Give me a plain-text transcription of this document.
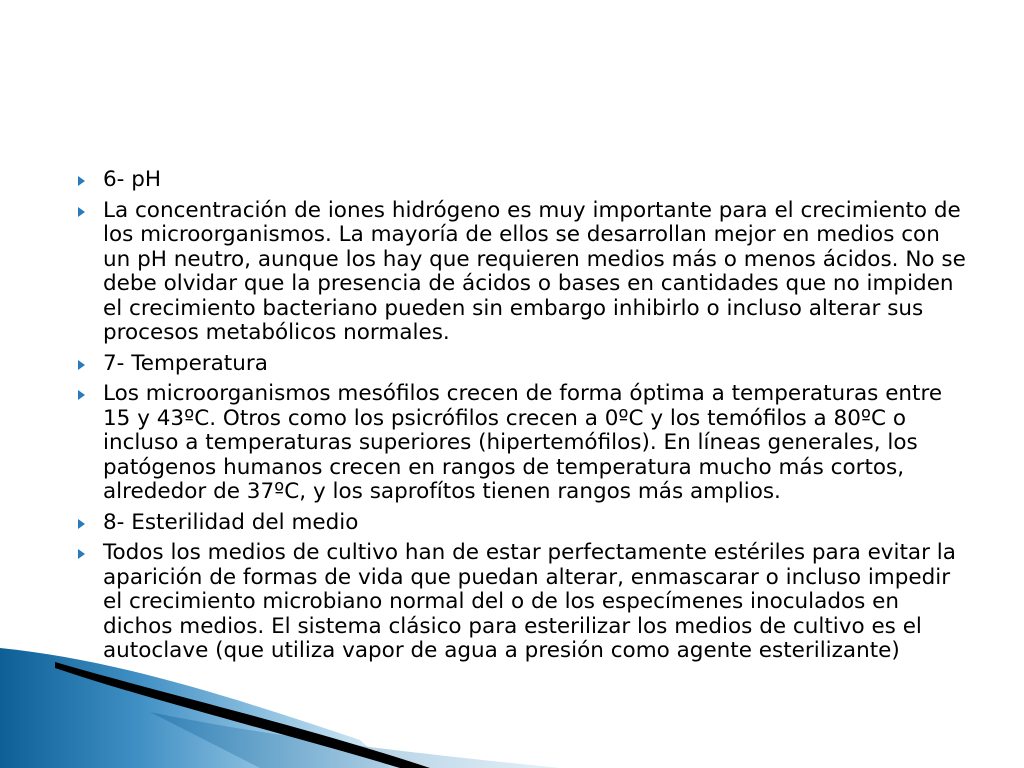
6- pH
La concentración de iones hidrógeno es muy importante para el crecimiento de los microorganismos. La mayoría de ellos se desarrollan mejor en medios con un pH neutro, aunque los hay que requieren medios más o menos ácidos. No se debe olvidar que la presencia de ácidos o bases en cantidades que no impiden el crecimiento bacteriano pueden sin embargo inhibirlo o incluso alterar sus procesos metabólicos normales.
7- Temperatura
Los microorganismos mesófilos crecen de forma óptima a temperaturas entre 15 y 43ºC. Otros como los psicrófilos crecen a 0ºC y los temófilos a 80ºC o incluso a temperaturas superiores (hipertemófilos). En líneas generales, los patógenos humanos crecen en rangos de temperatura mucho más cortos, alrededor de 37ºC, y los saprofítos tienen rangos más amplios.
8- Esterilidad del medio
Todos los medios de cultivo han de estar perfectamente estériles para evitar la aparición de formas de vida que puedan alterar, enmascarar o incluso impedir el crecimiento microbiano normal del o de los especímenes inoculados en dichos medios. El sistema clásico para esterilizar los medios de cultivo es el autoclave (que utiliza vapor de agua a presión como agente esterilizante)
